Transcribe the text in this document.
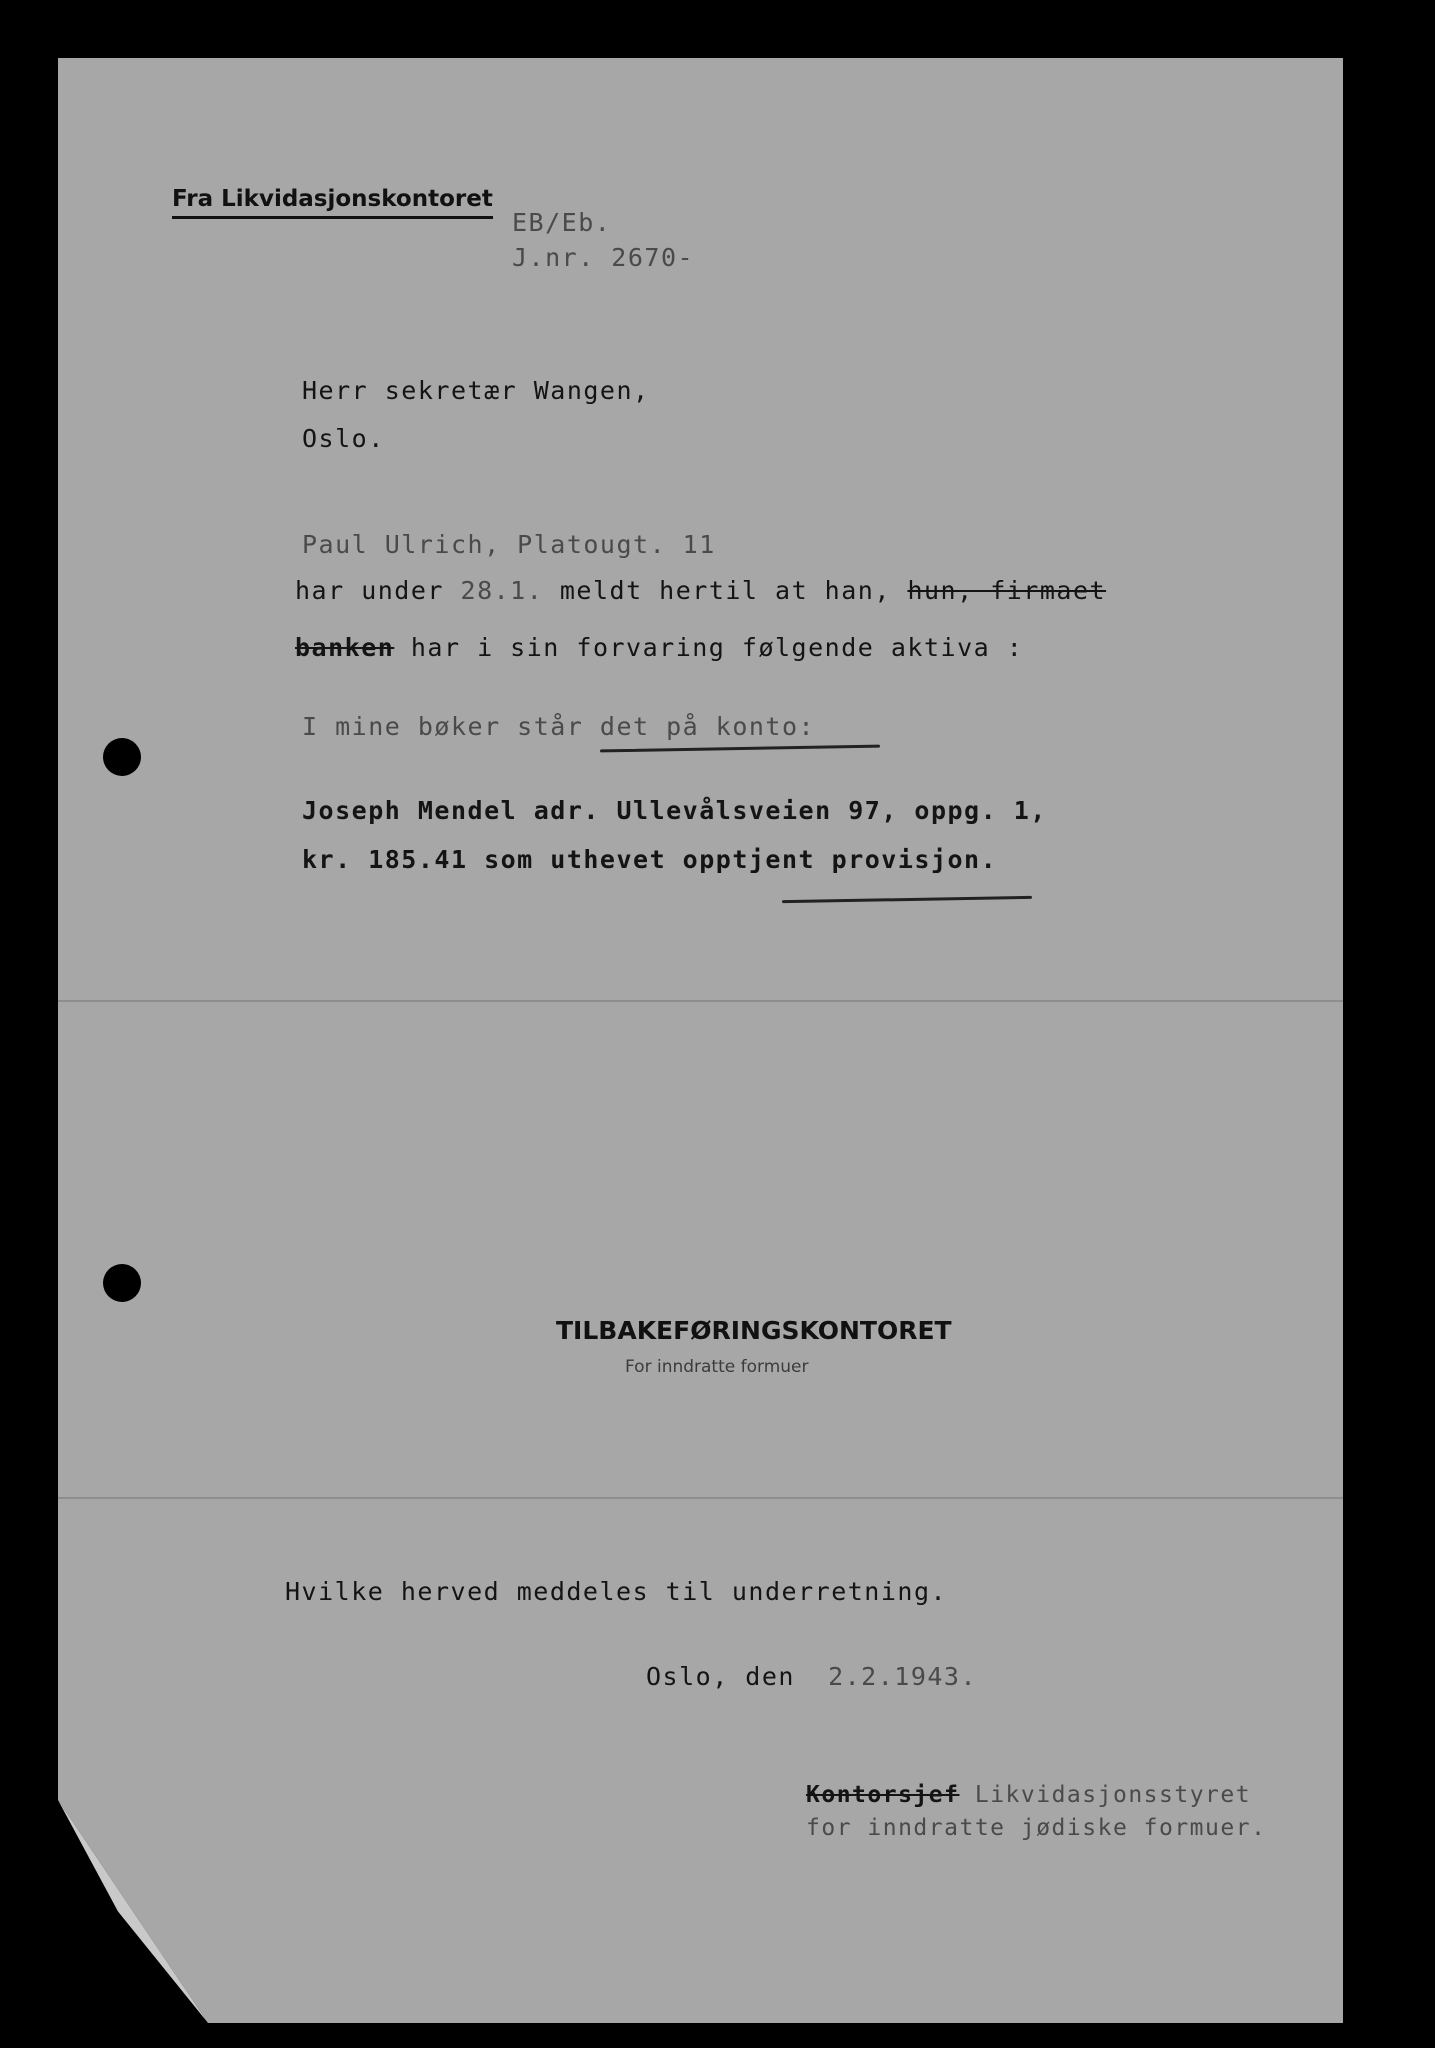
Fra Likvidasjonskontoret
EB/Eb.
J.nr. 2670-
Herr sekretær Wangen,
Oslo.
Paul Ulrich, Platougt. 11
har under 28.1. meldt hertil at han, hun, firmaet
banken har i sin forvaring følgende aktiva :
I mine bøker står det på konto:
Joseph Mendel adr. Ullevålsveien 97, oppg. 1,
kr. 185.41 som uthevet opptjent provisjon.
TILBAKEFØRINGSKONTORET
For inndratte formuer
Hvilke herved meddeles til underretning.
Oslo, den 2.2.1943.
Kontorsjef Likvidasjonsstyret
for inndratte jødiske formuer.
